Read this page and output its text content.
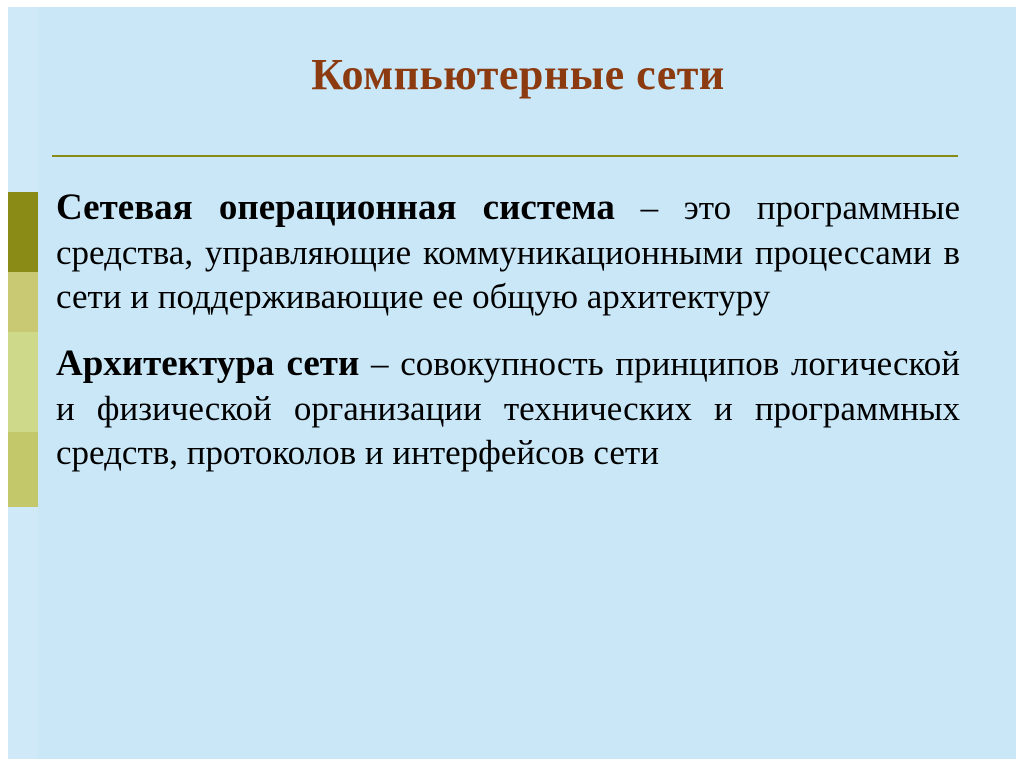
Компьютерные сети

Сетевая операционная система – это программные средства, управляющие коммуникационными процессами в сети и поддерживающие ее общую архитектуру

Архитектура сети – совокупность принципов логической и физической организации технических и программных средств, протоколов и интерфейсов сети
